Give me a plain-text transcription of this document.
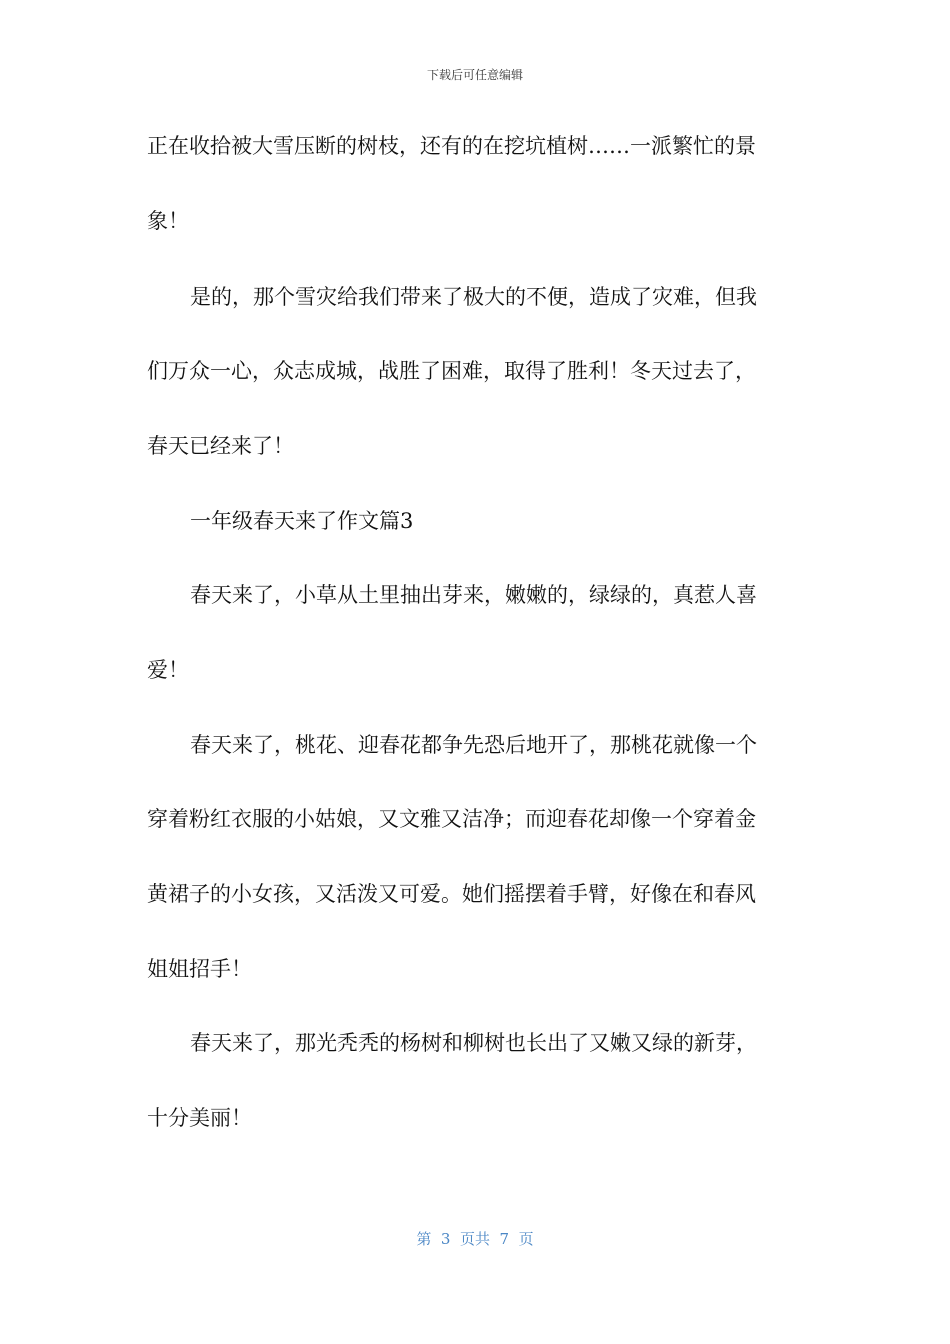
下载后可任意编辑
正在收拾被大雪压断的树枝，还有的在挖坑植树……一派繁忙的景
象！
是的，那个雪灾给我们带来了极大的不便，造成了灾难，但我
们万众一心，众志成城，战胜了困难，取得了胜利！冬天过去了，
春天已经来了！
一年级春天来了作文篇3
春天来了，小草从土里抽出芽来，嫩嫩的，绿绿的，真惹人喜
爱！
春天来了，桃花、迎春花都争先恐后地开了，那桃花就像一个
穿着粉红衣服的小姑娘，又文雅又洁净；而迎春花却像一个穿着金
黄裙子的小女孩，又活泼又可爱。她们摇摆着手臂，好像在和春风
姐姐招手！
春天来了，那光秃秃的杨树和柳树也长出了又嫩又绿的新芽，
十分美丽！
第  3  页共  7  页
